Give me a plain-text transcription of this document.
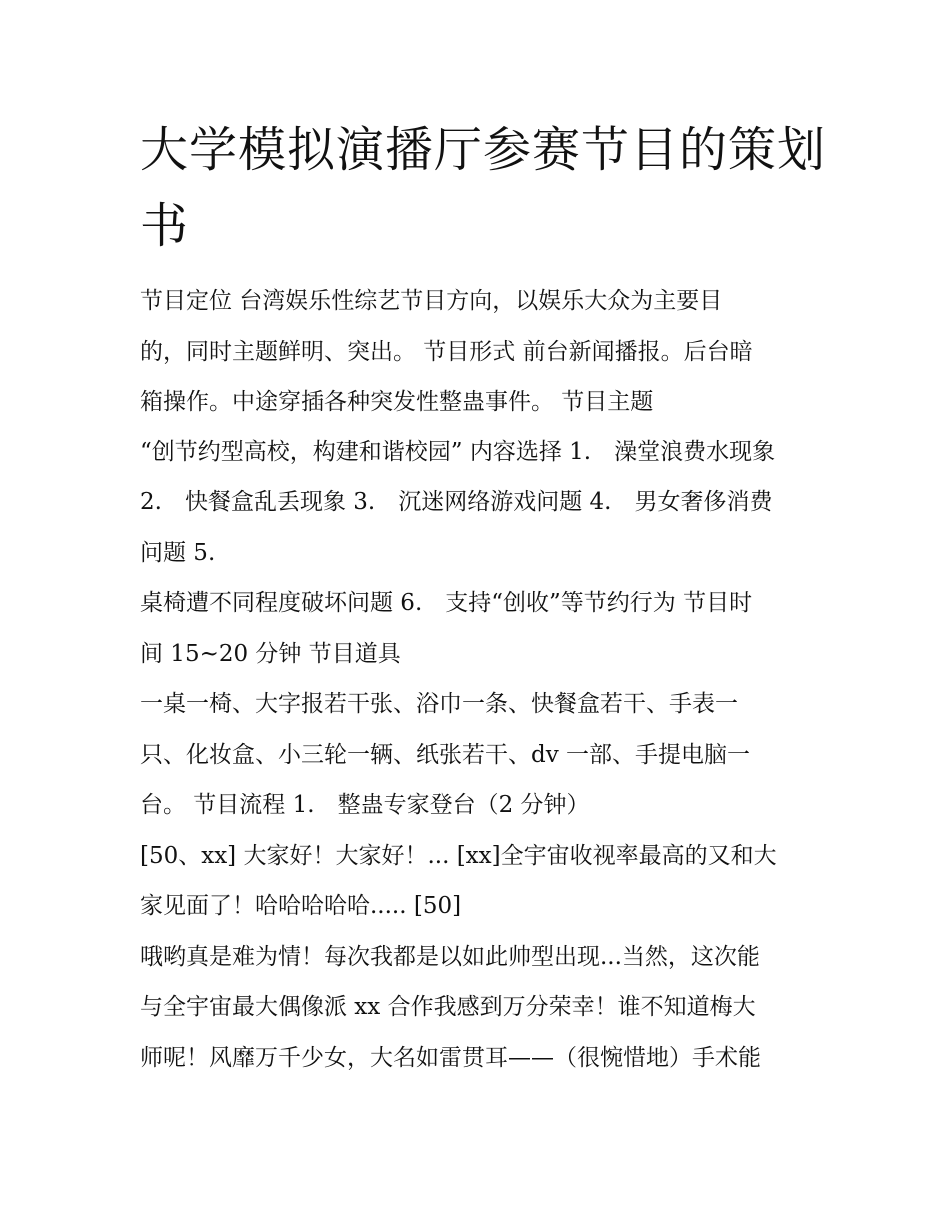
大学模拟演播厅参赛节目的策划书

节目定位 台湾娱乐性综艺节目方向，以娱乐大众为主要目

的，同时主题鲜明、突出。 节目形式 前台新闻播报。后台暗

箱操作。中途穿插各种突发性整蛊事件。 节目主题

“创节约型高校，构建和谐校园” 内容选择 1.　澡堂浪费水现象

2.　快餐盒乱丢现象 3.　沉迷网络游戏问题 4.　男女奢侈消费

问题 5.

桌椅遭不同程度破坏问题 6.　支持“创收”等节约行为 节目时

间 15~20 分钟 节目道具

一桌一椅、大字报若干张、浴巾一条、快餐盒若干、手表一

只、化妆盒、小三轮一辆、纸张若干、dv 一部、手提电脑一

台。 节目流程 1.　整蛊专家登台（2 分钟）

[50、xx] 大家好！大家好！... [xx]全宇宙收视率最高的又和大

家见面了！哈哈哈哈哈..... [50]

哦哟真是难为情！每次我都是以如此帅型出现...当然，这次能

与全宇宙最大偶像派 xx 合作我感到万分荣幸！谁不知道梅大

师呢！风靡万千少女，大名如雷贯耳——（很惋惜地）手术能
